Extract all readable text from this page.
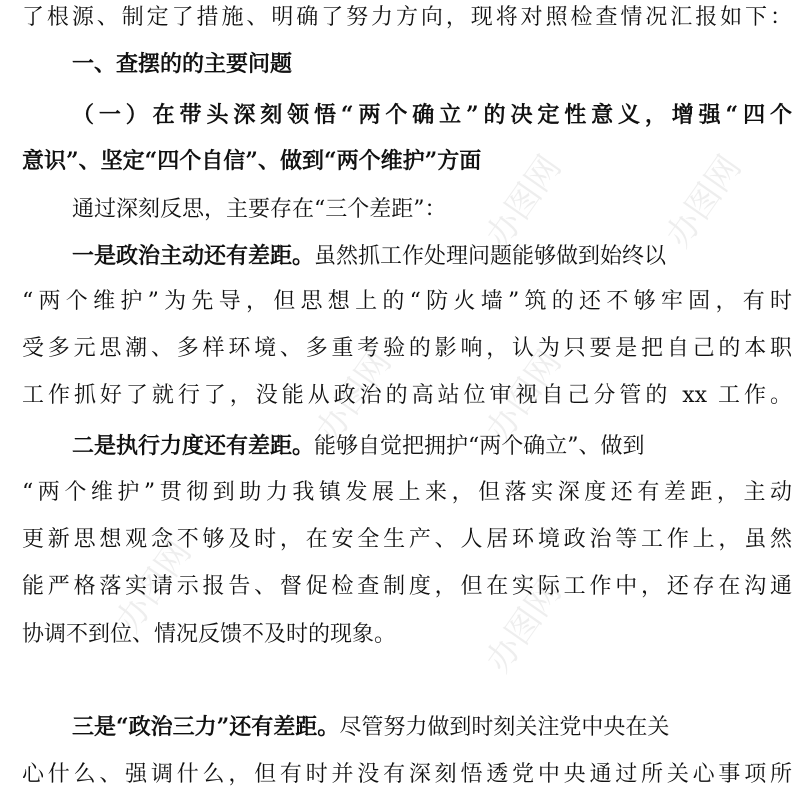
办图网	办图网
办图网 办图网
办图网	办图网
了根源、制定了措施、明确了努力方向，现将对照检查情况汇报如下：
一、查摆的的主要问题
（一）在带头深刻领悟“两个确立”的决定性意义，增强“四个
意识”、坚定“四个自信”、做到“两个维护”方面
通过深刻反思，主要存在“三个差距”：
一是政治主动还有差距。虽然抓工作处理问题能够做到始终以
“两个维护”为先导，但思想上的“防火墙”筑的还不够牢固，有时
受多元思潮、多样环境、多重考验的影响，认为只要是把自己的本职
工作抓好了就行了，没能从政治的高站位审视自己分管的 xx 工作。
二是执行力度还有差距。能够自觉把拥护“两个确立”、做到
“两个维护”贯彻到助力我镇发展上来，但落实深度还有差距，主动
更新思想观念不够及时，在安全生产、人居环境政治等工作上，虽然
能严格落实请示报告、督促检查制度，但在实际工作中，还存在沟通
协调不到位、情况反馈不及时的现象。
三是“政治三力”还有差距。尽管努力做到时刻关注党中央在关
心什么、强调什么，但有时并没有深刻悟透党中央通过所关心事项所
